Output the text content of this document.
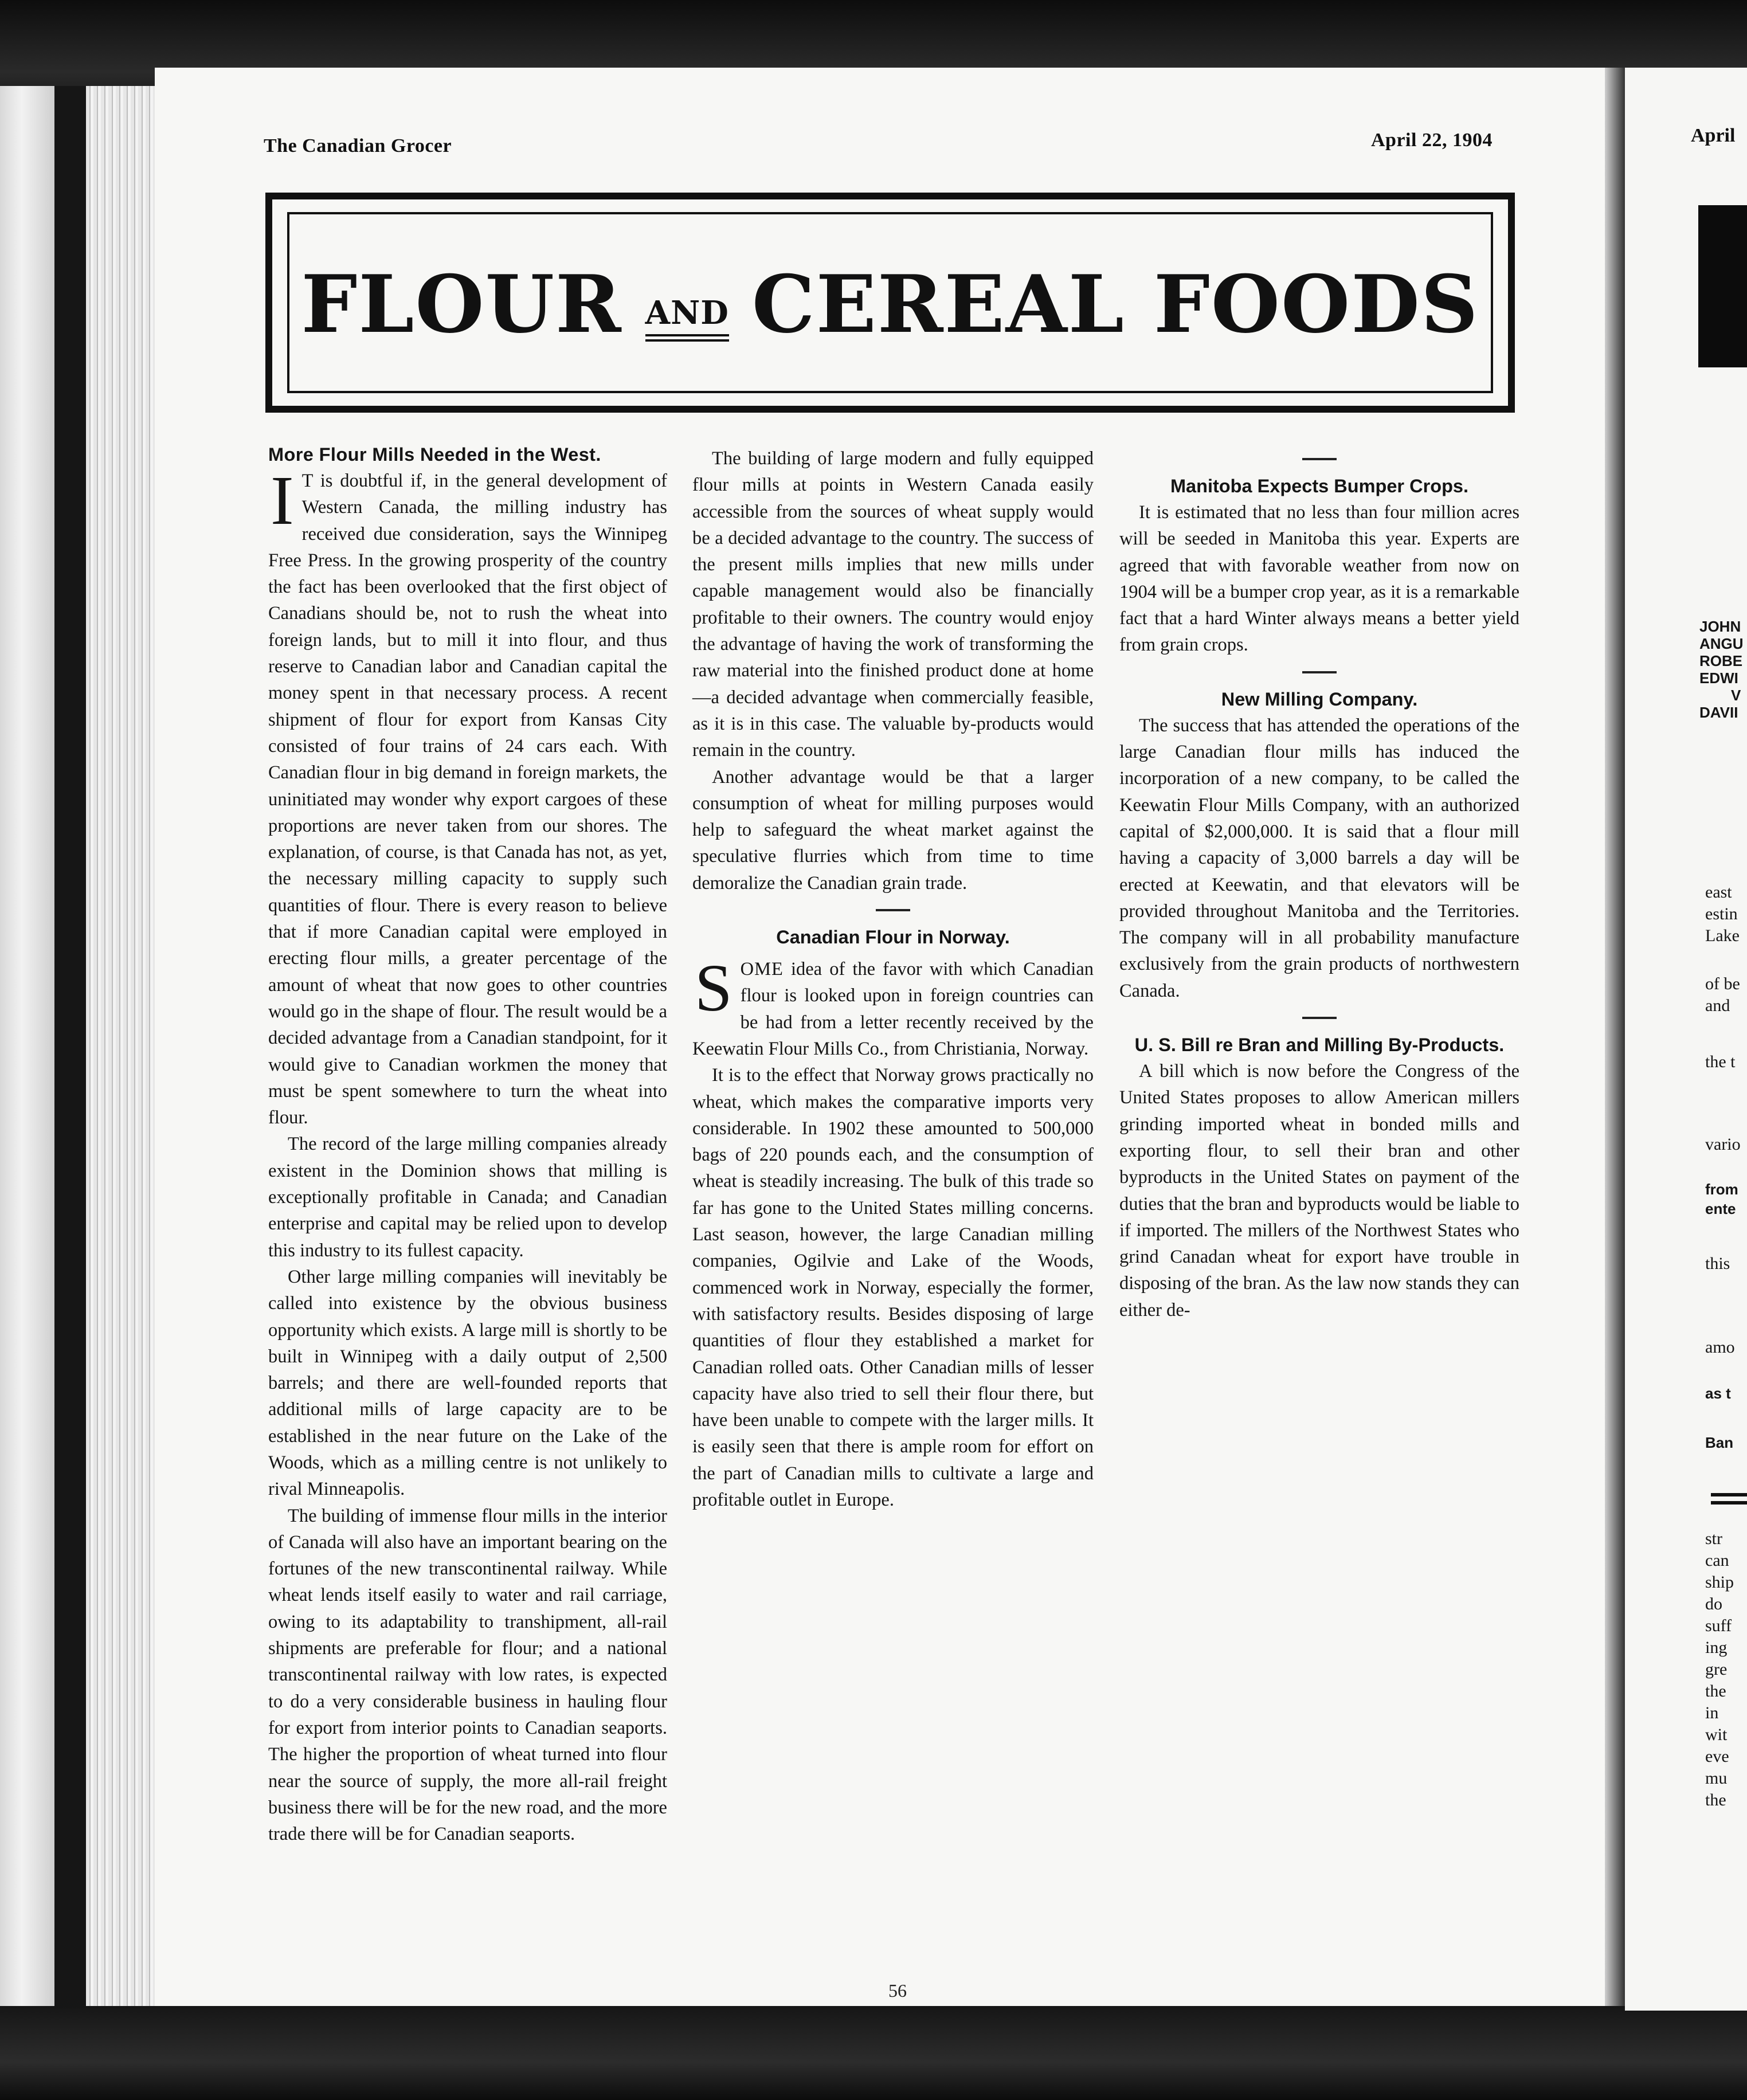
The Canadian Grocer	April 22, 1904
FLOUR AND CEREAL FOODS
More Flour Mills Needed in the West.

I T is doubtful if, in the general development of Western Canada, the milling industry has received due consideration, says the Winnipeg Free Press. In the growing prosperity of the country the fact has been overlooked that the first object of Canadians should be, not to rush the wheat into foreign lands, but to mill it into flour, and thus reserve to Canadian labor and Canadian capital the money spent in that necessary process. A recent shipment of flour for export from Kansas City consisted of four trains of 24 cars each. With Canadian flour in big demand in foreign markets, the uninitiated may wonder why export cargoes of these proportions are never taken from our shores. The explanation, of course, is that Canada has not, as yet, the necessary milling capacity to supply such quantities of flour. There is every reason to believe that if more Canadian capital were employed in erecting flour mills, a greater percentage of the amount of wheat that now goes to other countries would go in the shape of flour. The result would be a decided advantage from a Canadian standpoint, for it would give to Canadian workmen the money that must be spent somewhere to turn the wheat into flour.

The record of the large milling companies already existent in the Dominion shows that milling is exceptionally profitable in Canada; and Canadian enterprise and capital may be relied upon to develop this industry to its fullest capacity.

Other large milling companies will inevitably be called into existence by the obvious business opportunity which exists. A large mill is shortly to be built in Winnipeg with a daily output of 2,500 barrels; and there are well-founded reports that additional mills of large capacity are to be established in the near future on the Lake of the Woods, which as a milling centre is not unlikely to rival Minneapolis.

The building of immense flour mills in the interior of Canada will also have an important bearing on the fortunes of the new transcontinental railway. While wheat lends itself easily to water and rail carriage, owing to its adaptability to transhipment, all-rail shipments are preferable for flour; and a national transcontinental railway with low rates, is expected to do a very considerable business in hauling flour for export from interior points to Canadian seaports. The higher the proportion of wheat turned into flour near the source of supply, the more all-rail freight business there will be for the new road, and the more trade there will be for Canadian seaports.

The building of large modern and fully equipped flour mills at points in Western Canada easily accessible from the sources of wheat supply would be a decided advantage to the country. The success of the present mills implies that new mills under capable management would also be financially profitable to their owners. The country would enjoy the advantage of having the work of transforming the raw material into the finished product done at home—a decided advantage when commercially feasible, as it is in this case. The valuable by-products would remain in the country.

Another advantage would be that a larger consumption of wheat for milling purposes would help to safeguard the wheat market against the speculative flurries which from time to time demoralize the Canadian grain trade.

Canadian Flour in Norway.

SOME idea of the favor with which Canadian flour is looked upon in foreign countries can be had from a letter recently received by the Keewatin Flour Mills Co., from Christiania, Norway.

It is to the effect that Norway grows practically no wheat, which makes the comparative imports very considerable. In 1902 these amounted to 500,000 bags of 220 pounds each, and the consumption of wheat is steadily increasing. The bulk of this trade so far has gone to the United States milling concerns. Last season, however, the large Canadian milling companies, Ogilvie and Lake of the Woods, commenced work in Norway, especially the former, with satisfactory results. Besides disposing of large quantities of flour they established a market for Canadian rolled oats. Other Canadian mills of lesser capacity have also tried to sell their flour there, but have been unable to compete with the larger mills. It is easily seen that there is ample room for effort on the part of Canadian mills to cultivate a large and profitable outlet in Europe.

Manitoba Expects Bumper Crops.

It is estimated that no less than four million acres will be seeded in Manitoba this year. Experts are agreed that with favorable weather from now on 1904 will be a bumper crop year, as it is a remarkable fact that a hard Winter always means a better yield from grain crops.

New Milling Company.

The success that has attended the operations of the large Canadian flour mills has induced the incorporation of a new company, to be called the Keewatin Flour Mills Company, with an authorized capital of $2,000,000. It is said that a flour mill having a capacity of 3,000 barrels a day will be erected at Keewatin, and that elevators will be provided throughout Manitoba and the Territories. The company will in all probability manufacture exclusively from the grain products of northwestern Canada.

U. S. Bill re Bran and Milling By-Products.

A bill which is now before the Congress of the United States proposes to allow American millers grinding imported wheat in bonded mills and exporting flour, to sell their bran and other byproducts in the United States on payment of the duties that the bran and byproducts would be liable to if imported. The millers of the Northwest States who grind Canadan wheat for export have trouble in disposing of the bran. As the law now stands they can either de-

56
April
JOHN
ANGU
ROBE
EDWI
V
DAVII
east
estin
Lake
of be
and
the t
vario
from
ente
this
amo
as t
Ban
str
can
ship
do
suff
ing
gre
the
in
wit
eve
mu
the
